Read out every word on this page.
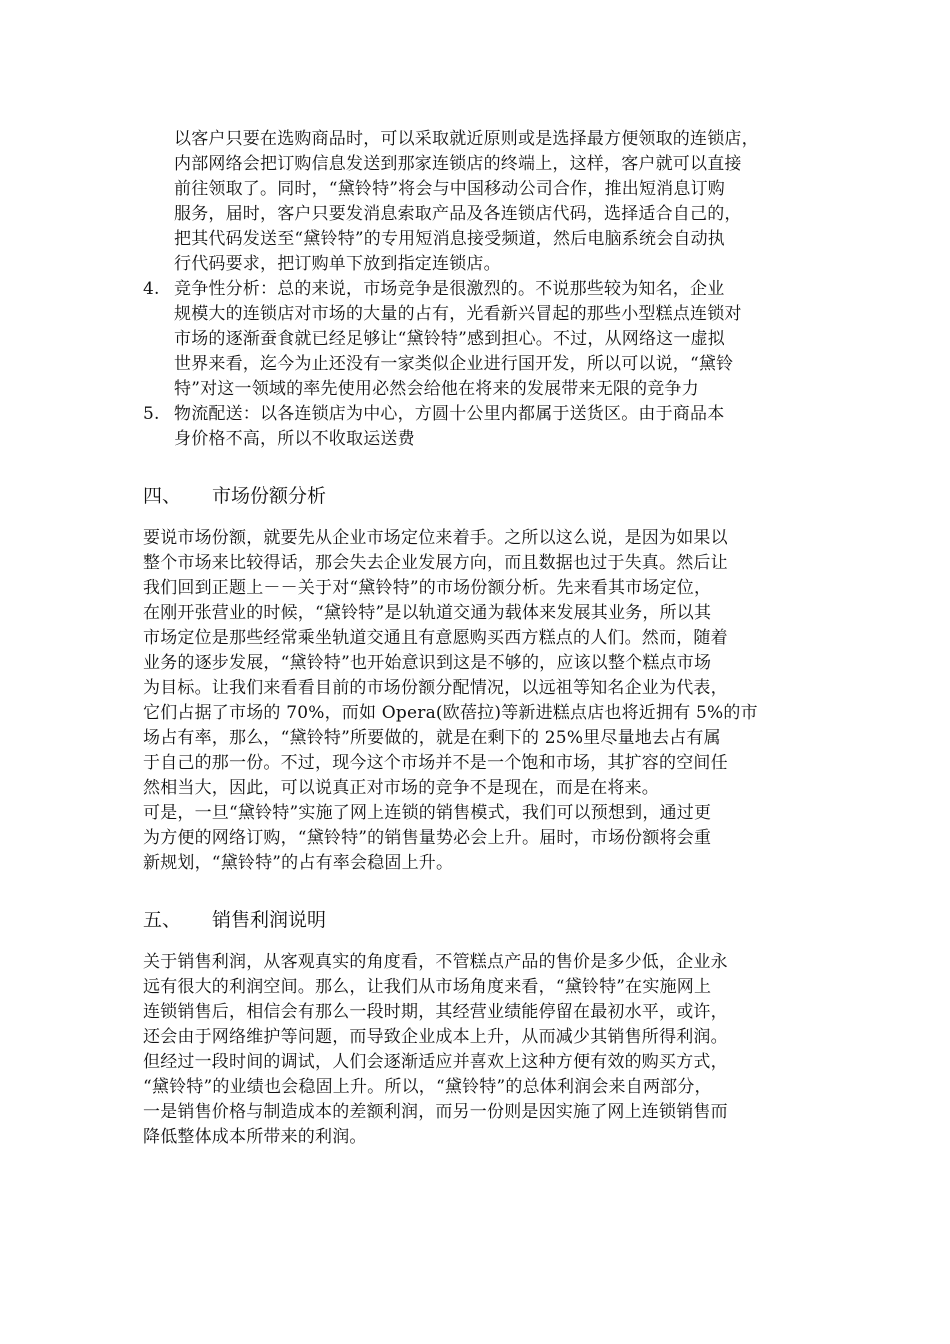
以客户只要在选购商品时，可以采取就近原则或是选择最方便领取的连锁店，
内部网络会把订购信息发送到那家连锁店的终端上，这样，客户就可以直接
前往领取了。同时，“黛铃特”将会与中国移动公司合作，推出短消息订购
服务，届时，客户只要发消息索取产品及各连锁店代码，选择适合自己的，
把其代码发送至“黛铃特”的专用短消息接受频道，然后电脑系统会自动执
行代码要求，把订购单下放到指定连锁店。
4. 竞争性分析：总的来说，市场竞争是很激烈的。不说那些较为知名，企业
规模大的连锁店对市场的大量的占有，光看新兴冒起的那些小型糕点连锁对
市场的逐渐蚕食就已经足够让“黛铃特”感到担心。不过，从网络这一虚拟
世界来看，迄今为止还没有一家类似企业进行国开发，所以可以说，“黛铃
特”对这一领域的率先使用必然会给他在将来的发展带来无限的竞争力
5. 物流配送：以各连锁店为中心，方圆十公里内都属于送货区。由于商品本
身价格不高，所以不收取运送费
四、 市场份额分析
要说市场份额，就要先从企业市场定位来着手。之所以这么说，是因为如果以
整个市场来比较得话，那会失去企业发展方向，而且数据也过于失真。然后让
我们回到正题上－－关于对“黛铃特”的市场份额分析。先来看其市场定位，
在刚开张营业的时候，“黛铃特”是以轨道交通为载体来发展其业务，所以其
市场定位是那些经常乘坐轨道交通且有意愿购买西方糕点的人们。然而，随着
业务的逐步发展，“黛铃特”也开始意识到这是不够的，应该以整个糕点市场
为目标。让我们来看看目前的市场份额分配情况，以远祖等知名企业为代表，
它们占据了市场的 70%，而如 Opera(欧蓓拉)等新进糕点店也将近拥有 5%的市
场占有率，那么，“黛铃特”所要做的，就是在剩下的 25%里尽量地去占有属
于自己的那一份。不过，现今这个市场并不是一个饱和市场，其扩容的空间任
然相当大，因此，可以说真正对市场的竞争不是现在，而是在将来。
可是，一旦“黛铃特”实施了网上连锁的销售模式，我们可以预想到，通过更
为方便的网络订购，“黛铃特”的销售量势必会上升。届时，市场份额将会重
新规划，“黛铃特”的占有率会稳固上升。
五、 销售利润说明
关于销售利润，从客观真实的角度看，不管糕点产品的售价是多少低，企业永
远有很大的利润空间。那么，让我们从市场角度来看，“黛铃特”在实施网上
连锁销售后，相信会有那么一段时期，其经营业绩能停留在最初水平，或许，
还会由于网络维护等问题，而导致企业成本上升，从而减少其销售所得利润。
但经过一段时间的调试，人们会逐渐适应并喜欢上这种方便有效的购买方式，
“黛铃特”的业绩也会稳固上升。所以，“黛铃特”的总体利润会来自两部分，
一是销售价格与制造成本的差额利润，而另一份则是因实施了网上连锁销售而
降低整体成本所带来的利润。
